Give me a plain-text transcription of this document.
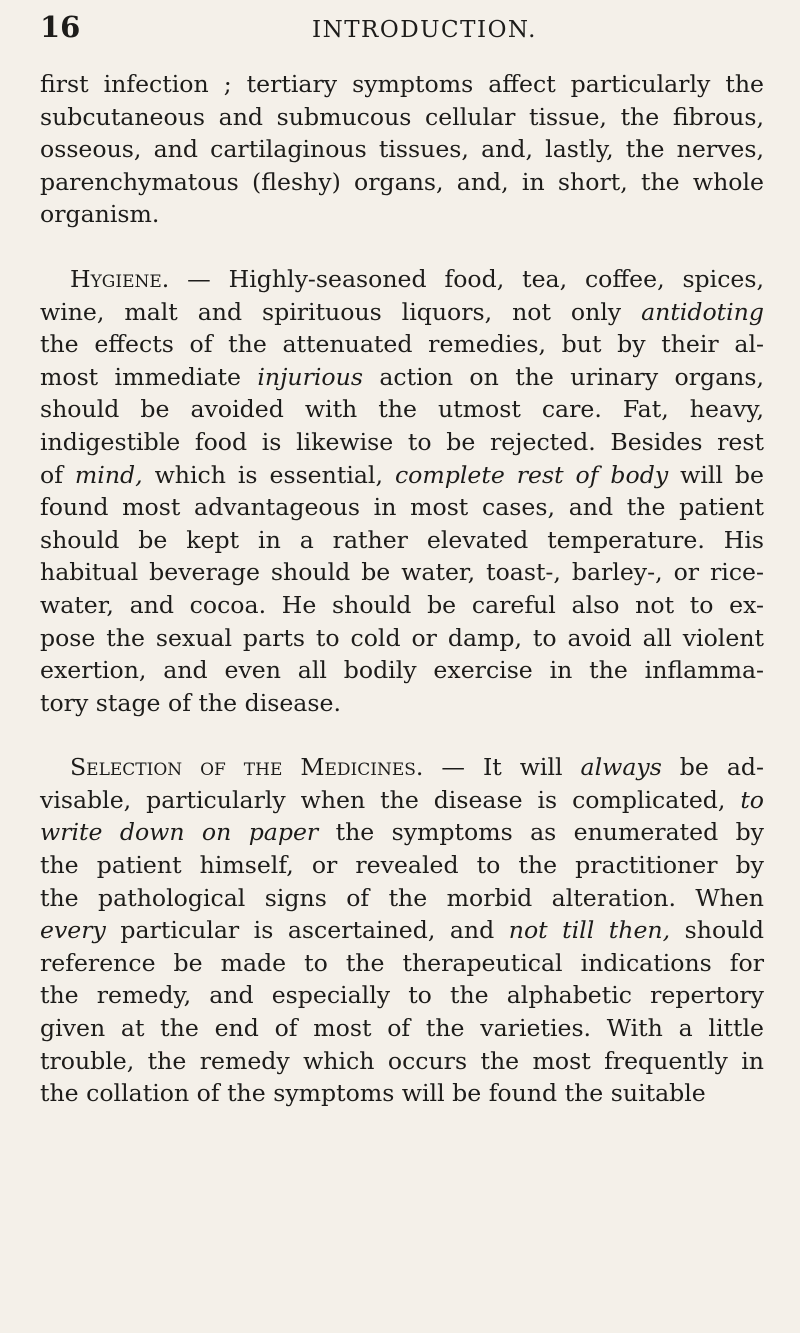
16	INTRODUCTION.
first infection ; tertiary symptoms affect particularly the
subcutaneous and submucous cellular tissue, the fibrous,
osseous, and cartilaginous tissues, and, lastly, the nerves,
parenchymatous (fleshy) organs, and, in short, the whole
organism.
Hygiene. — Highly-seasoned food, tea, coffee, spices,
wine, malt and spirituous liquors, not only antidoting
the effects of the attenuated remedies, but by their al-
most immediate injurious action on the urinary organs,
should be avoided with the utmost care. Fat, heavy,
indigestible food is likewise to be rejected. Besides rest
of mind, which is essential, complete rest of body will be
found most advantageous in most cases, and the patient
should be kept in a rather elevated temperature. His
habitual beverage should be water, toast-, barley-, or rice-
water, and cocoa. He should be careful also not to ex-
pose the sexual parts to cold or damp, to avoid all violent
exertion, and even all bodily exercise in the inflamma-
tory stage of the disease.
Selection of the Medicines. — It will always be ad-
visable, particularly when the disease is complicated, to
write down on paper the symptoms as enumerated by
the patient himself, or revealed to the practitioner by
the pathological signs of the morbid alteration. When
every particular is ascertained, and not till then, should
reference be made to the therapeutical indications for
the remedy, and especially to the alphabetic repertory
given at the end of most of the varieties. With a little
trouble, the remedy which occurs the most frequently in
the collation of the symptoms will be found the suitable
